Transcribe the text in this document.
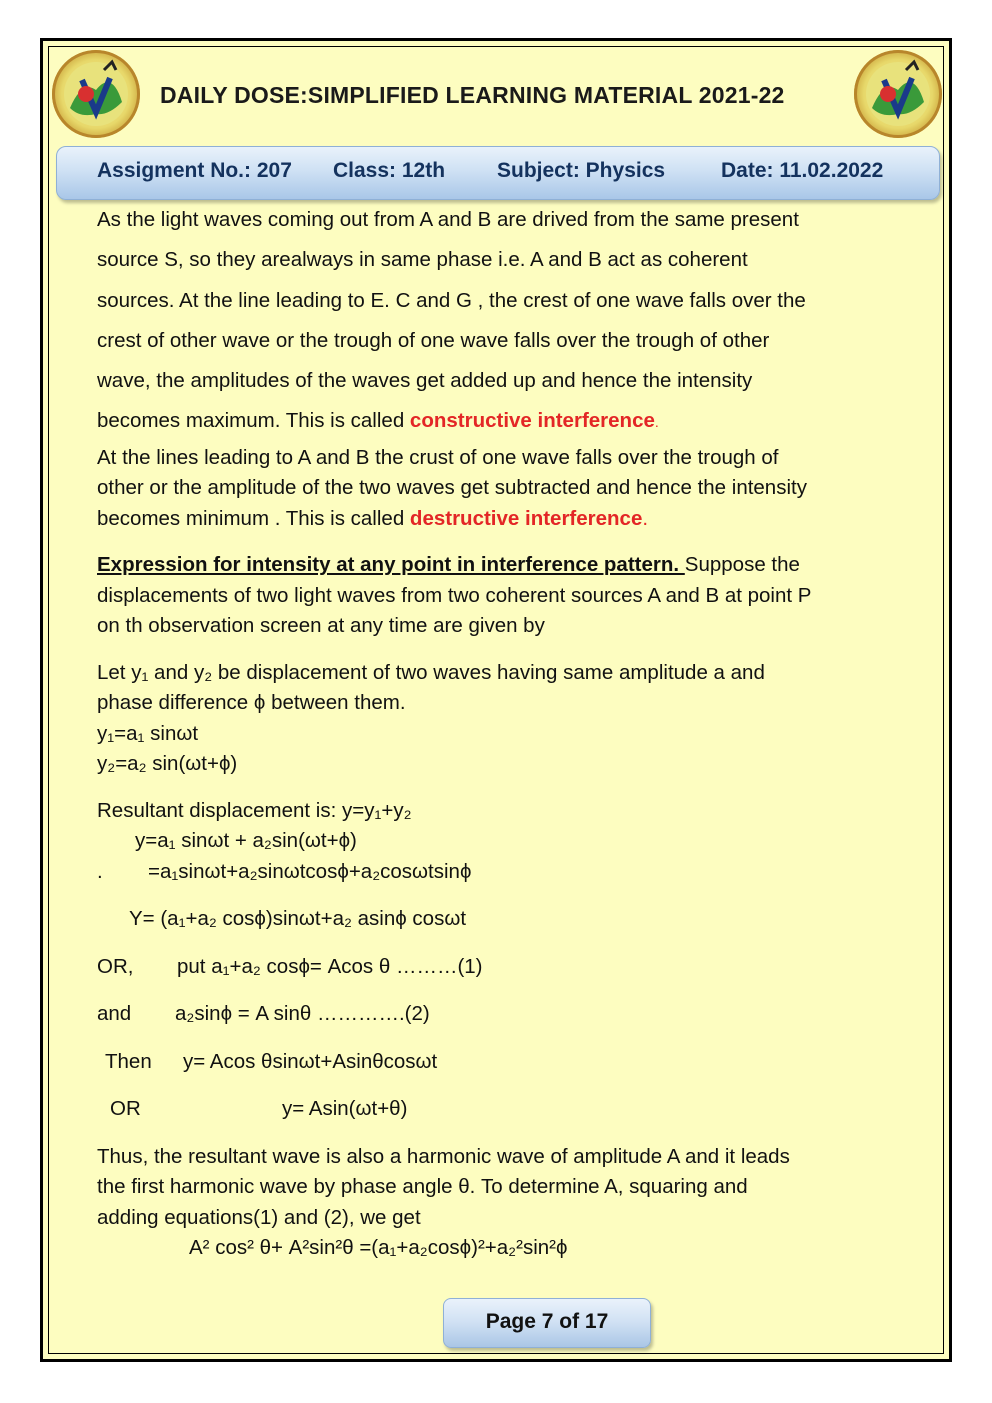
DAILY DOSE:SIMPLIFIED LEARNING MATERIAL 2021-22
Assigment No.: 207 Class: 12th Subject: Physics	Date: 11.02.2022

As the light waves coming out from A and B are drived from the same present

source S, so they arealways in same phase i.e. A and B act as coherent

sources. At the line leading to E. C and G , the crest of one wave falls over the

crest of other wave or the trough of one wave falls over the trough of other

wave, the amplitudes of the waves get added up and hence the intensity

becomes maximum. This is called constructive interference.

At the lines leading to A and B the crust of one wave falls over the trough of

other or the amplitude of the two waves get subtracted and hence the intensity

becomes minimum . This is called destructive interference.

Expression for intensity at any point in interference pattern. Suppose the

displacements of two light waves from two coherent sources A and B at point P

on th observation screen at any time are given by

Let y₁ and y₂ be displacement of two waves having same amplitude a and

phase difference ϕ between them.

y₁=a₁ sinωt

y₂=a₂ sin(ωt+ϕ)

Resultant displacement is: y=y₁+y₂

y=a₁ sinωt + a₂sin(ωt+ϕ)

. =a₁sinωt+a₂sinωtcosϕ+a₂cosωtsinϕ

Y= (a₁+a₂ cosϕ)sinωt+a₂ asinϕ cosωt

OR, put a₁+a₂ cosϕ= Acos θ ………(1)

and a₂sinϕ = A sinθ ………….(2)

Then y= Acos θsinωt+Asinθcosωt

OR	y= Asin(ωt+θ)

Thus, the resultant wave is also a harmonic wave of amplitude A and it leads

the first harmonic wave by phase angle θ. To determine A, squaring and

adding equations(1) and (2), we get

A² cos² θ+ A²sin²θ =(a₁+a₂cosϕ)²+a₂²sin²ϕ

Page 7 of 17
